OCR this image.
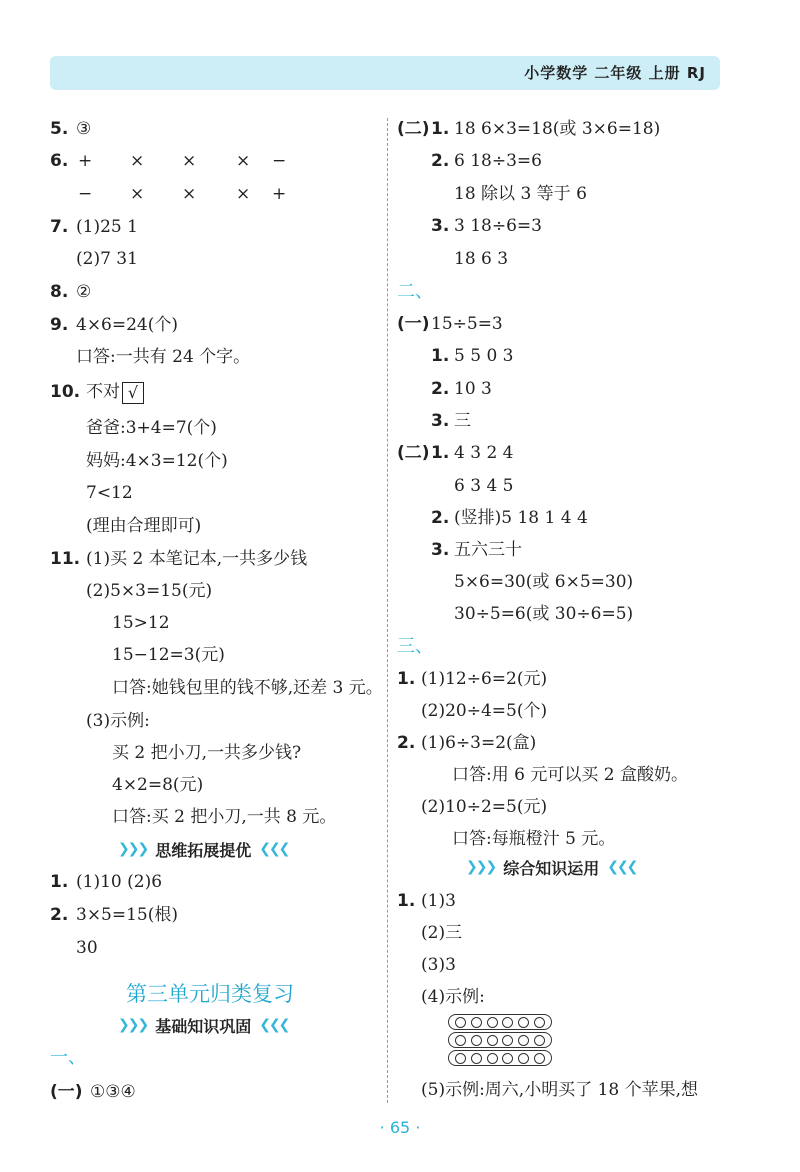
小学数学 二年级 上册 RJ
5. ③
6. + × × × −
− × × × +
7. (1)25 1
(2)7 31
8. ②
9. 4×6=24(个)
口答:一共有 24 个字。
10. 不对 √
爸爸:3+4=7(个)
妈妈:4×3=12(个)
7<12
(理由合理即可)
11. (1)买 2 本笔记本,一共多少钱
(2)5×3=15(元)
15>12
15−12=3(元)
口答:她钱包里的钱不够,还差 3 元。
(3)示例:
买 2 把小刀,一共多少钱?
4×2=8(元)
口答:买 2 把小刀,一共 8 元。
❯❯❯ 思维拓展提优 ❮❮❮
1. (1)10 (2)6
2. 3×5=15(根)
30
第三单元归类复习
❯❯❯ 基础知识巩固 ❮❮❮
一、
(一) ①③④
(二) 1. 18 6×3=18(或 3×6=18)
2. 6 18÷3=6
18 除以 3 等于 6
3. 3 18÷6=3
18 6 3
二、
(一) 15÷5=3
1. 5 5 0 3
2. 10 3
3. 三
(二) 1. 4 3 2 4
6 3 4 5
2. (竖排)5 18 1 4 4
3. 五六三十
5×6=30(或 6×5=30)
30÷5=6(或 30÷6=5)
三、
1. (1)12÷6=2(元)
(2)20÷4=5(个)
2. (1)6÷3=2(盒)
口答:用 6 元可以买 2 盒酸奶。
(2)10÷2=5(元)
口答:每瓶橙汁 5 元。
❯❯❯ 综合知识运用 ❮❮❮
1. (1)3
(2)三
(3)3
(4)示例:
(5)示例:周六,小明买了 18 个苹果,想
· 65 ·
